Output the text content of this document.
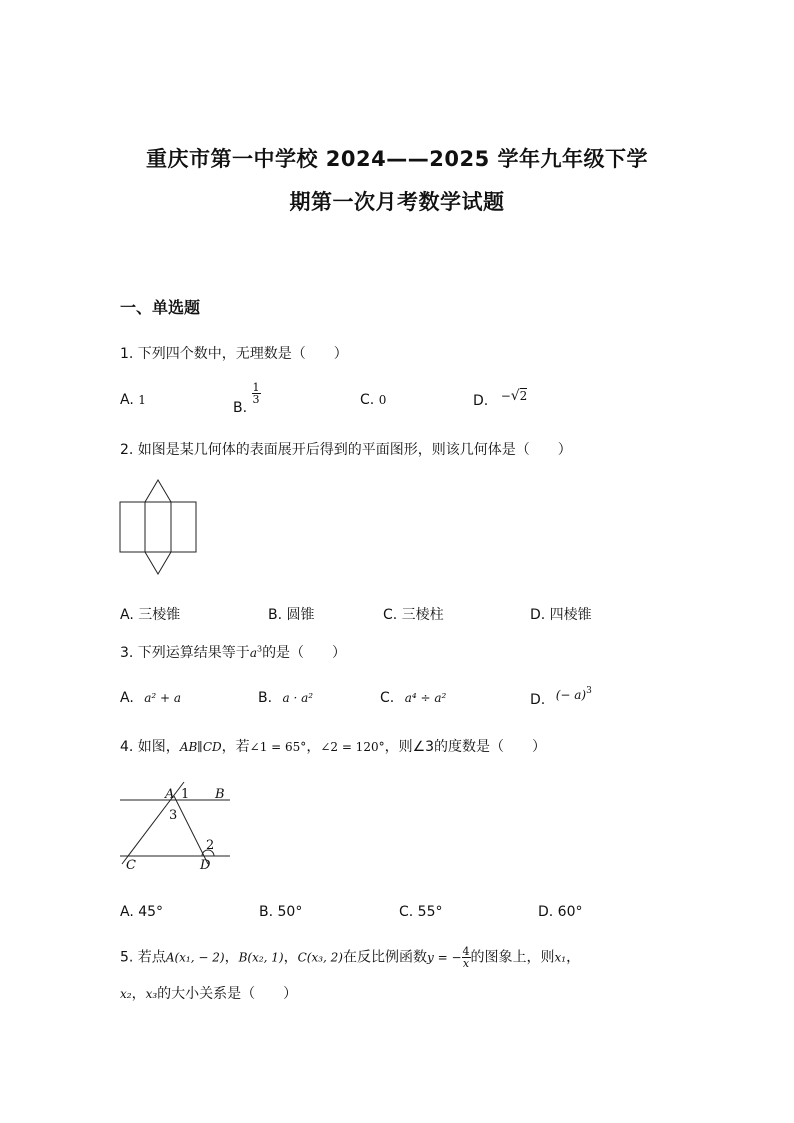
重庆市第一中学校 2024——2025 学年九年级下学
期第一次月考数学试题
一、单选题
1. 下列四个数中，无理数是（　　）
A. 1	B.
$\frac{1}{3}$	C. 0	D. −√2
2. 如图是某几何体的表面展开后得到的平面图形，则该几何体是（　　）
A. 三棱锥	B. 圆锥	C. 三棱柱	D. 四棱锥
3. 下列运算结果等于$a^3$的是（　　）
A. a² + a	B. a · a²	C. a⁴ ÷ a²	D. (− a)$^3$
4. 如图，AB∥CD，若∠1 = 65°，∠2 = 120°，则∠3的度数是（　　）
A 1 B
3
2
C	D
A. 45°	B. 50°	C. 55°	D. 60°
5. 若点A(x₁, − 2)，B(x₂, 1)，C(x₃, 2)在反比例函数y = − $\frac{4}{x}$ 的图象上，则x₁，
x₂，x₃的大小关系是（　　）
